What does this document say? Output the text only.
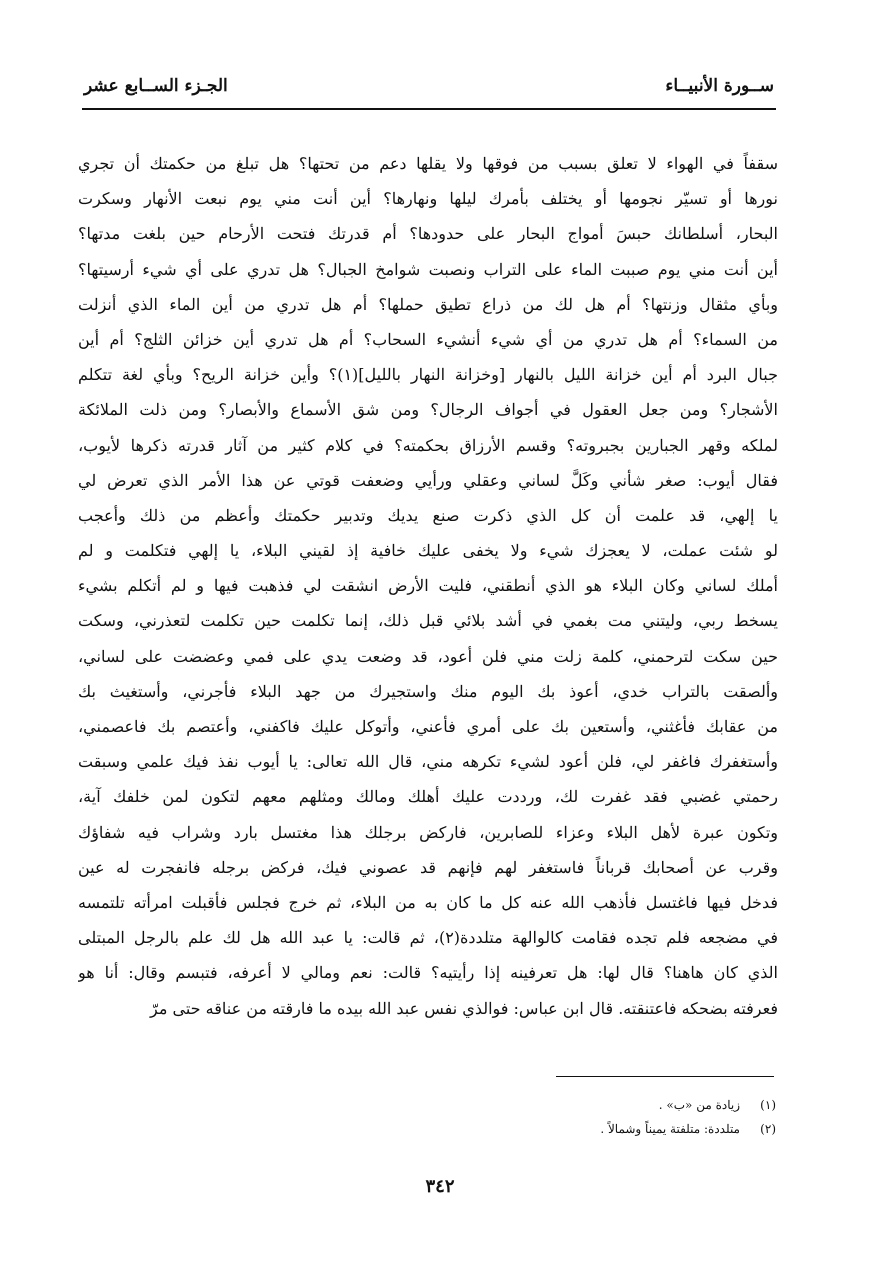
ســورة الأنبيــاء
الجـزء الســابع عشر
سقفاً في الهواء لا تعلق بسبب من فوقها ولا يقلها دعم من تحتها؟ هل تبلغ من حكمتك أن تجري
نورها أو تسيّر نجومها أو يختلف بأمرك ليلها ونهارها؟ أين أنت مني يوم نبعت الأنهار وسكرت
البحار، أسلطانك حبسَ أمواج البحار على حدودها؟ أم قدرتك فتحت الأرحام حين بلغت مدتها؟
أين أنت مني يوم صببت الماء على التراب ونصبت شوامخ الجبال؟ هل تدري على أي شيء أرسيتها؟
وبأي مثقال وزنتها؟ أم هل لك من ذراع تطيق حملها؟ أم هل تدري من أين الماء الذي أنزلت
من السماء؟ أم هل تدري من أي شيء أنشيء السحاب؟ أم هل تدري أين خزائن الثلج؟ أم أين
جبال البرد أم أين خزانة الليل بالنهار [وخزانة النهار بالليل](١)؟ وأين خزانة الريح؟ وبأي لغة تتكلم
الأشجار؟ ومن جعل العقول في أجواف الرجال؟ ومن شق الأسماع والأبصار؟ ومن ذلت الملائكة
لملكه وقهر الجبارين بجبروته؟ وقسم الأرزاق بحكمته؟ في كلام كثير من آثار قدرته ذكرها لأيوب،
فقال أيوب: صغر شأني وكَلَّ لساني وعقلي ورأيي وضعفت قوتي عن هذا الأمر الذي تعرض لي
يا إلهي، قد علمت أن كل الذي ذكرت صنع يديك وتدبير حكمتك وأعظم من ذلك وأعجب
لو شئت عملت، لا يعجزك شيء ولا يخفى عليك خافية إذ لقيني البلاء، يا إلهي فتكلمت و لم
أملك لساني وكان البلاء هو الذي أنطقني، فليت الأرض انشقت لي فذهبت فيها و لم أتكلم بشيء
يسخط ربي، وليتني مت بغمي في أشد بلائي قبل ذلك، إنما تكلمت حين تكلمت لتعذرني، وسكت
حين سكت لترحمني، كلمة زلت مني فلن أعود، قد وضعت يدي على فمي وعضضت على لساني،
وألصقت بالتراب خدي، أعوذ بك اليوم منك واستجيرك من جهد البلاء فأجرني، وأستغيث بك
من عقابك فأغثني، وأستعين بك على أمري فأعني، وأتوكل عليك فاكفني، وأعتصم بك فاعصمني،
وأستغفرك فاغفر لي، فلن أعود لشيء تكرهه مني، قال الله تعالى: يا أيوب نفذ فيك علمي وسبقت
رحمتي غضبي فقد غفرت لك، ورددت عليك أهلك ومالك ومثلهم معهم لتكون لمن خلفك آية،
وتكون عبرة لأهل البلاء وعزاء للصابرين، فاركض برجلك هذا مغتسل بارد وشراب فيه شفاؤك
وقرب عن أصحابك قرباناً فاستغفر لهم فإنهم قد عصوني فيك، فركض برجله فانفجرت له عين
فدخل فيها فاغتسل فأذهب الله عنه كل ما كان به من البلاء، ثم خرج فجلس فأقبلت امرأته تلتمسه
في مضجعه فلم تجده فقامت كالوالهة متلددة(٢)، ثم قالت: يا عبد الله هل لك علم بالرجل المبتلى
الذي كان هاهنا؟ قال لها: هل تعرفينه إذا رأيتيه؟ قالت: نعم ومالي لا أعرفه، فتبسم وقال: أنا هو
فعرفته بضحكه فاعتنقته. قال ابن عباس: فوالذي نفس عبد الله بيده ما فارقته من عناقه حتى مرّ
(١)زيادة من «ب» .
(٢)متلددة: متلفتة يميناً وشمالاً .
٣٤٢
